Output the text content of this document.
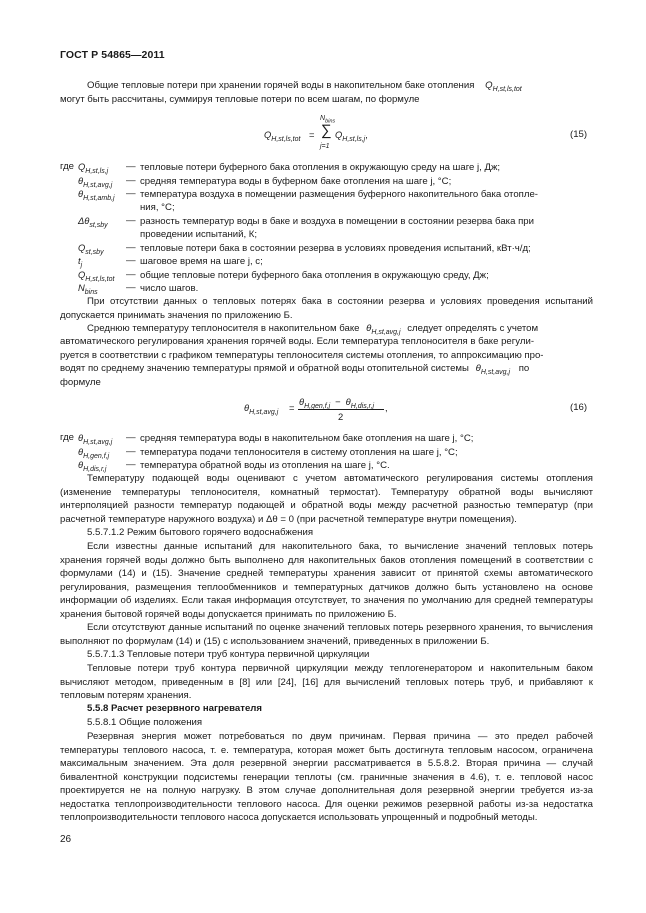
ГОСТ Р 54865—2011
Общие тепловые потери при хранении горячей воды в накопительном баке отопления $Q_{H,st,ls,tot}$
могут быть рассчитаны, суммируя тепловые потери по всем шагам, по формуле
$Q_{H,st,ls,tot}$ =
$N_{bins}$
∑
j=1
$Q_{H,st,ls,j}$,	(15)
где $Q_{H,st,ls,j}$ — тепловые потери буферного бака отопления в окружающую среду на шаге j, Дж;
$\theta_{H,st,avg,j}$ — средняя температура воды в буферном баке отопления на шаге j, °С;
$\theta_{H,st,amb,j}$ — температура воздуха в помещении размещения буферного накопительного бака отопле-
ния, °С;
$\Delta\theta_{st,sby}$ — разность температур воды в баке и воздуха в помещении в состоянии резерва бака при
проведении испытаний, К;
$Q_{st,sby}$ — тепловые потери бака в состоянии резерва в условиях проведения испытаний, кВт·ч/д;
$t_j$	— шаговое время на шаге j, с;
$Q_{H,st,ls,tot}$ — общие тепловые потери буферного бака отопления в окружающую среду, Дж;
$N_{bins}$	— число шагов.
При отсутствии данных о тепловых потерях бака в состоянии резерва и условиях проведения испытаний допускается принимать значения по приложению Б.
Среднюю температуру теплоносителя в накопительном баке $\theta_{H,st,avg,j}$ следует определять с учетом
автоматического регулирования хранения горячей воды. Если температура теплоносителя в баке регули-
руется в соответствии с графиком температуры теплоносителя системы отопления, то аппроксимацию про-
водят по среднему значению температуры прямой и обратной воды отопительной системы $\theta_{H,st,avg,j}$ по
формуле
$\theta_{H,st,avg,j}$ =
$\theta_{H,gen,f,j} - \theta_{H,dis,r,j}$
2
,	(16)
где $\theta_{H,st,avg,j}$ — средняя температура воды в накопительном баке отопления на шаге j, °С;
$\theta_{H,gen,f,j}$ — температура подачи теплоносителя в систему отопления на шаге j, °С;
$\theta_{H,dis,r,j}$ — температура обратной воды из отопления на шаге j, °С.
Температуру подающей воды оценивают с учетом автоматического регулирования системы отопления (изменение температуры теплоносителя, комнатный термостат). Температуру обратной воды вычисляют интерполяцией разности температур подающей и обратной воды между расчетной разностью температур (при расчетной температуре наружного воздуха) и Δθ = 0 (при расчетной температуре внутри помещения).
5.5.7.1.2 Режим бытового горячего водоснабжения
Если известны данные испытаний для накопительного бака, то вычисление значений тепловых потерь хранения горячей воды должно быть выполнено для накопительных баков отопления помещений в соответствии с формулами (14) и (15). Значение средней температуры хранения зависит от принятой схемы автоматического регулирования, размещения теплообменников и температурных датчиков должно быть установлено на основе информации об изделиях. Если такая информация отсутствует, то значения по умолчанию для средней температуры хранения бытовой горячей воды допускается принимать по приложению Б.
Если отсутствуют данные испытаний по оценке значений тепловых потерь резервного хранения, то вычисления выполняют по формулам (14) и (15) с использованием значений, приведенных в приложении Б.
5.5.7.1.3 Тепловые потери труб контура первичной циркуляции
Тепловые потери труб контура первичной циркуляции между теплогенератором и накопительным баком вычисляют методом, приведенным в [8] или [24], [16] для вычислений тепловых потерь труб, и прибавляют к тепловым потерям хранения.
5.5.8 Расчет резервного нагревателя
5.5.8.1 Общие положения
Резервная энергия может потребоваться по двум причинам. Первая причина — это предел рабочей температуры теплового насоса, т. е. температура, которая может быть достигнута тепловым насосом, ограничена максимальным значением. Эта доля резервной энергии рассматривается в 5.5.8.2. Вторая причина — случай бивалентной конструкции подсистемы генерации теплоты (см. граничные значения в 4.6), т. е. тепловой насос проектируется не на полную нагрузку. В этом случае дополнительная доля резервной энергии требуется из-за недостатка теплопроизводительности теплового насоса. Для оценки режимов резервной работы из-за недостатка теплопроизводительности теплового насоса допускается использовать упрощенный и подробный методы.
26
